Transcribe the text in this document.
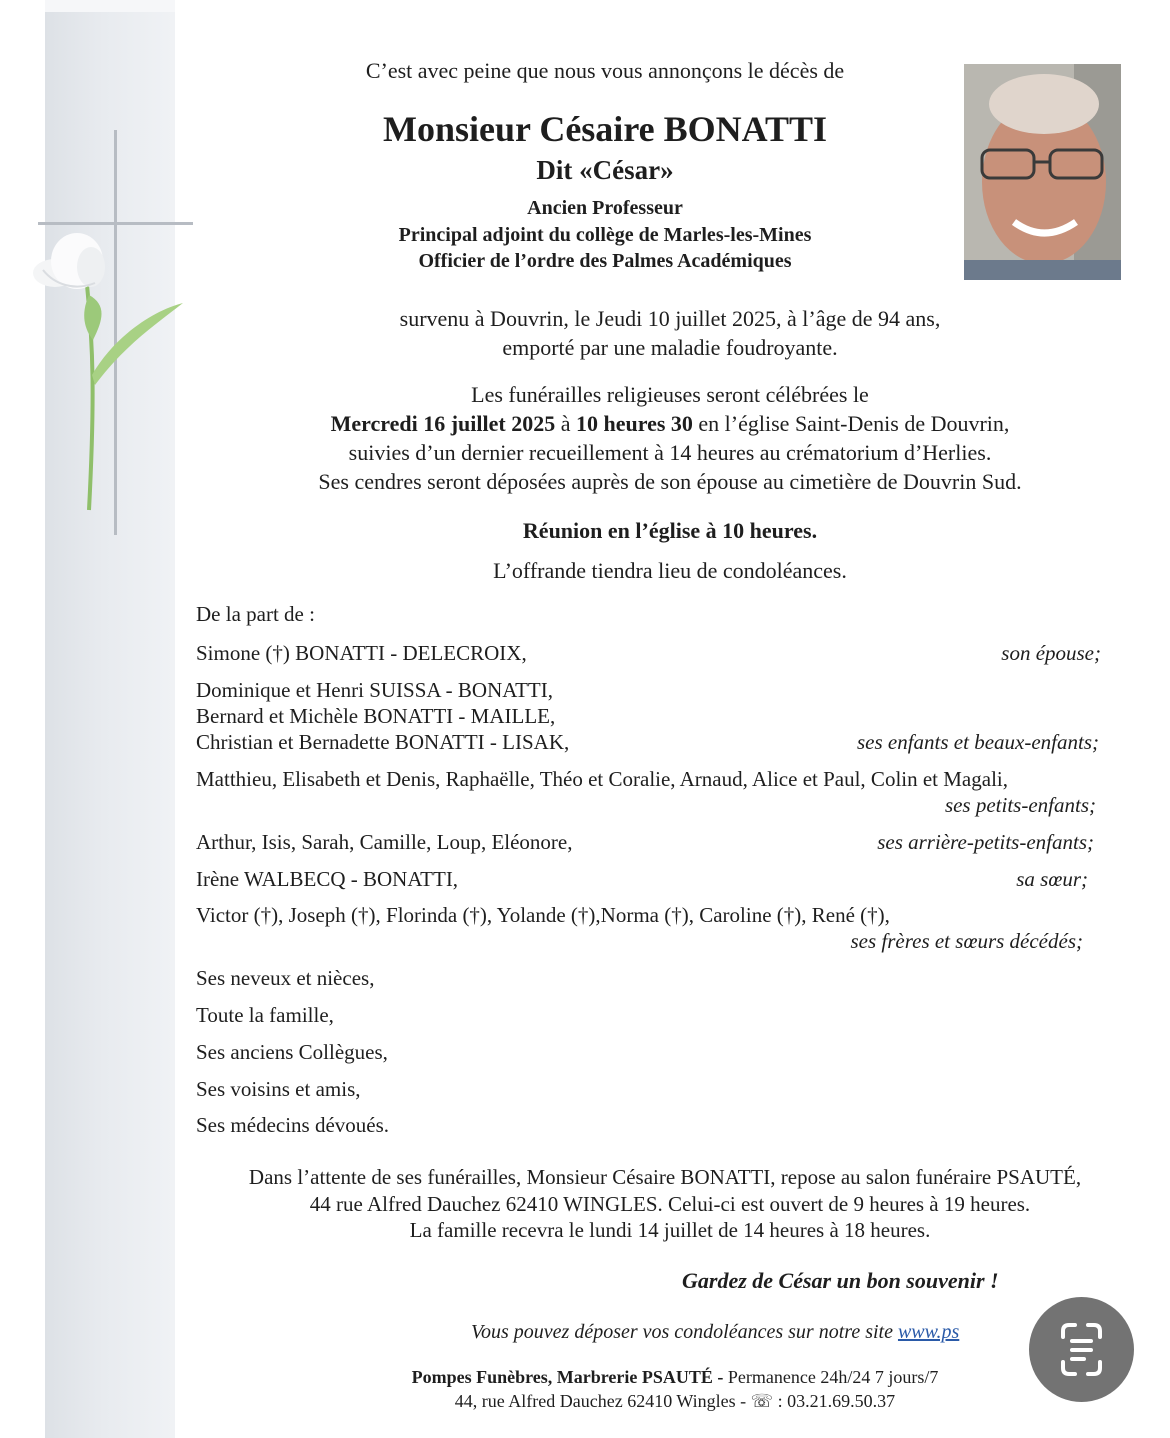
C’est avec peine que nous vous annonçons le décès de
Monsieur Césaire BONATTI
Dit «César»
Ancien Professeur
Principal adjoint du collège de Marles-les-Mines
Officier de l’ordre des Palmes Académiques
survenu à Douvrin, le Jeudi 10 juillet 2025, à l’âge de 94 ans,
emporté par une maladie foudroyante.
Les funérailles religieuses seront célébrées le
Mercredi 16 juillet 2025 à 10 heures 30 en l’église Saint-Denis de Douvrin,
suivies d’un dernier recueillement à 14 heures au crématorium d’Herlies.
Ses cendres seront déposées auprès de son épouse au cimetière de Douvrin Sud.
Réunion en l’église à 10 heures.
L’offrande tiendra lieu de condoléances.
De la part de :
Simone (†) BONATTI - DELECROIX,	son épouse;
Dominique et Henri SUISSA - BONATTI,
Bernard et Michèle BONATTI - MAILLE,
Christian et Bernadette BONATTI - LISAK,	ses enfants et beaux-enfants;
Matthieu, Elisabeth et Denis, Raphaëlle, Théo et Coralie, Arnaud, Alice et Paul, Colin et Magali,
ses petits-enfants;
Arthur, Isis, Sarah, Camille, Loup, Eléonore,	ses arrière-petits-enfants;
Irène WALBECQ - BONATTI,	sa sœur;
Victor (†), Joseph (†), Florinda (†), Yolande (†),Norma (†), Caroline (†), René (†),
ses frères et sœurs décédés;
Ses neveux et nièces,
Toute la famille,
Ses anciens Collègues,
Ses voisins et amis,
Ses médecins dévoués.
Dans l’attente de ses funérailles, Monsieur Césaire BONATTI, repose au salon funéraire PSAUTÉ,
44 rue Alfred Dauchez 62410 WINGLES. Celui-ci est ouvert de 9 heures à 19 heures.
La famille recevra le lundi 14 juillet de 14 heures à 18 heures.
Gardez de César un bon souvenir !
Vous pouvez déposer vos condoléances sur notre site www.ps
Pompes Funèbres, Marbrerie PSAUTÉ - Permanence 24h/24 7 jours/7
44, rue Alfred Dauchez 62410 Wingles - ☏ : 03.21.69.50.37
